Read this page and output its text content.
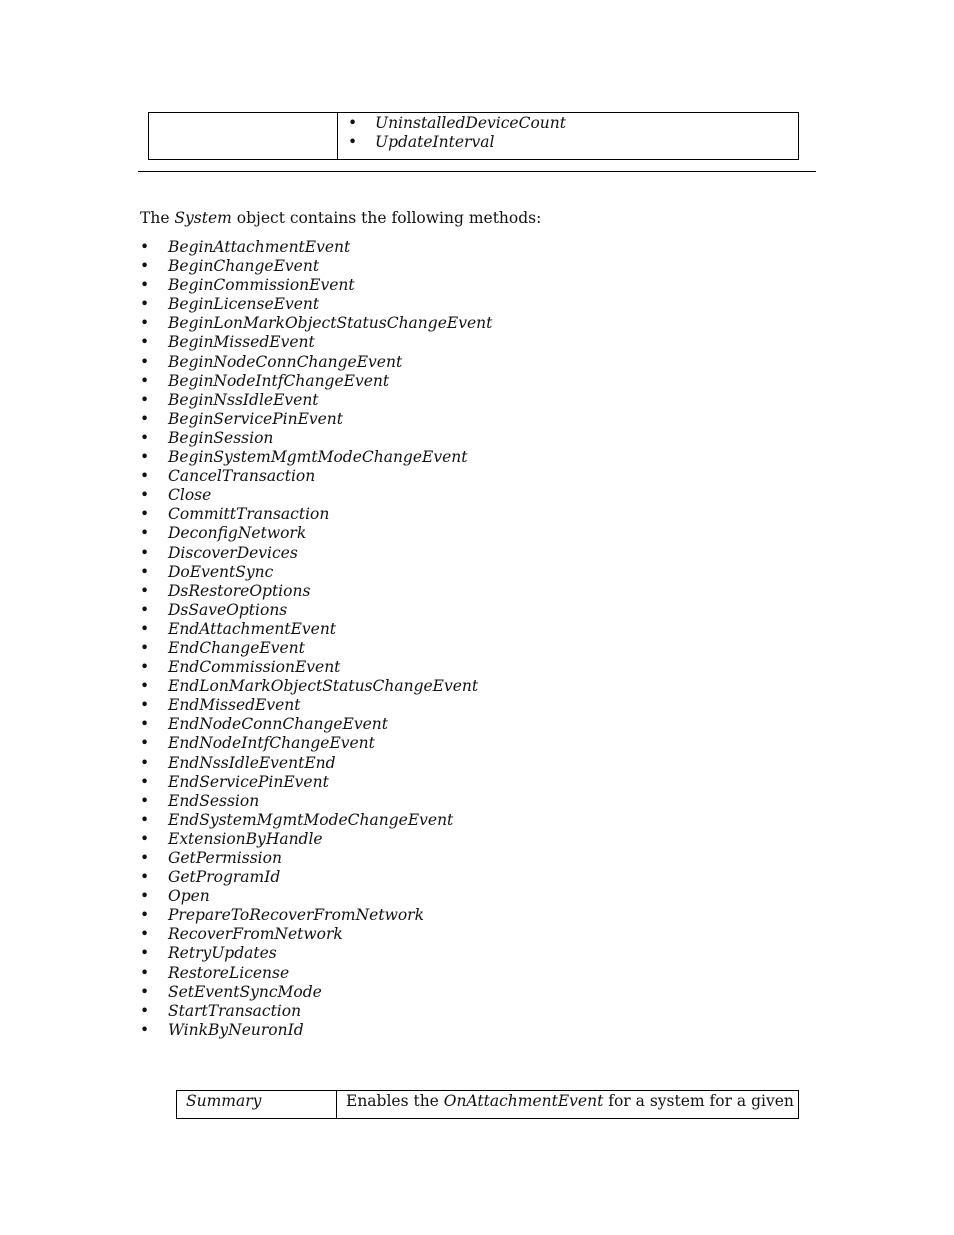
• UninstalledDeviceCount
• UpdateInterval
The System object contains the following methods:
• BeginAttachmentEvent
• BeginChangeEvent
• BeginCommissionEvent
• BeginLicenseEvent
• BeginLonMarkObjectStatusChangeEvent
• BeginMissedEvent
• BeginNodeConnChangeEvent
• BeginNodeIntfChangeEvent
• BeginNssIdleEvent
• BeginServicePinEvent
• BeginSession
• BeginSystemMgmtModeChangeEvent
• CancelTransaction
• Close
• CommittTransaction
• DeconfigNetwork
• DiscoverDevices
• DoEventSync
• DsRestoreOptions
• DsSaveOptions
• EndAttachmentEvent
• EndChangeEvent
• EndCommissionEvent
• EndLonMarkObjectStatusChangeEvent
• EndMissedEvent
• EndNodeConnChangeEvent
• EndNodeIntfChangeEvent
• EndNssIdleEventEnd
• EndServicePinEvent
• EndSession
• EndSystemMgmtModeChangeEvent
• ExtensionByHandle
• GetPermission
• GetProgramId
• Open
• PrepareToRecoverFromNetwork
• RecoverFromNetwork
• RetryUpdates
• RestoreLicense
• SetEventSyncMode
• StartTransaction
• WinkByNeuronId
Summary	Enables the OnAttachmentEvent for a system for a given
